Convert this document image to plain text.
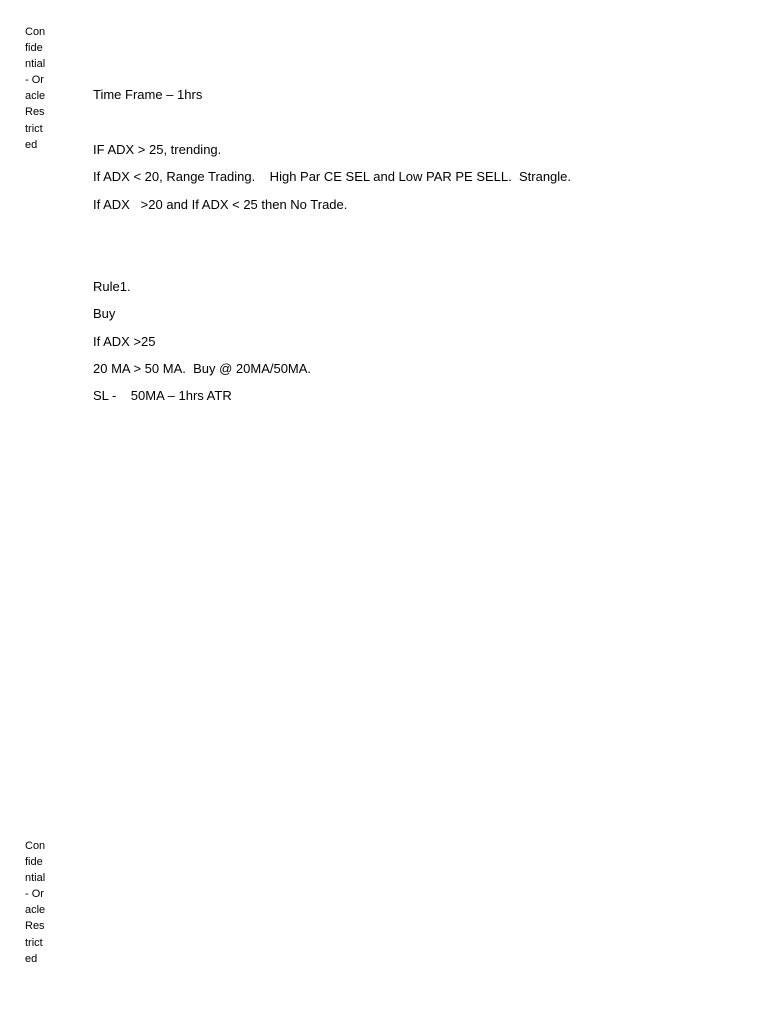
Confidential - Oracle Restricted

Time Frame – 1hrs

IF ADX > 25, trending.

If ADX < 20, Range Trading.    High Par CE SEL and Low PAR PE SELL.  Strangle.

If ADX   >20 and If ADX < 25 then No Trade.

Rule1.

Buy

If ADX >25

20 MA > 50 MA.  Buy @ 20MA/50MA.

SL -    50MA – 1hrs ATR

Confidential - Oracle Restricted
